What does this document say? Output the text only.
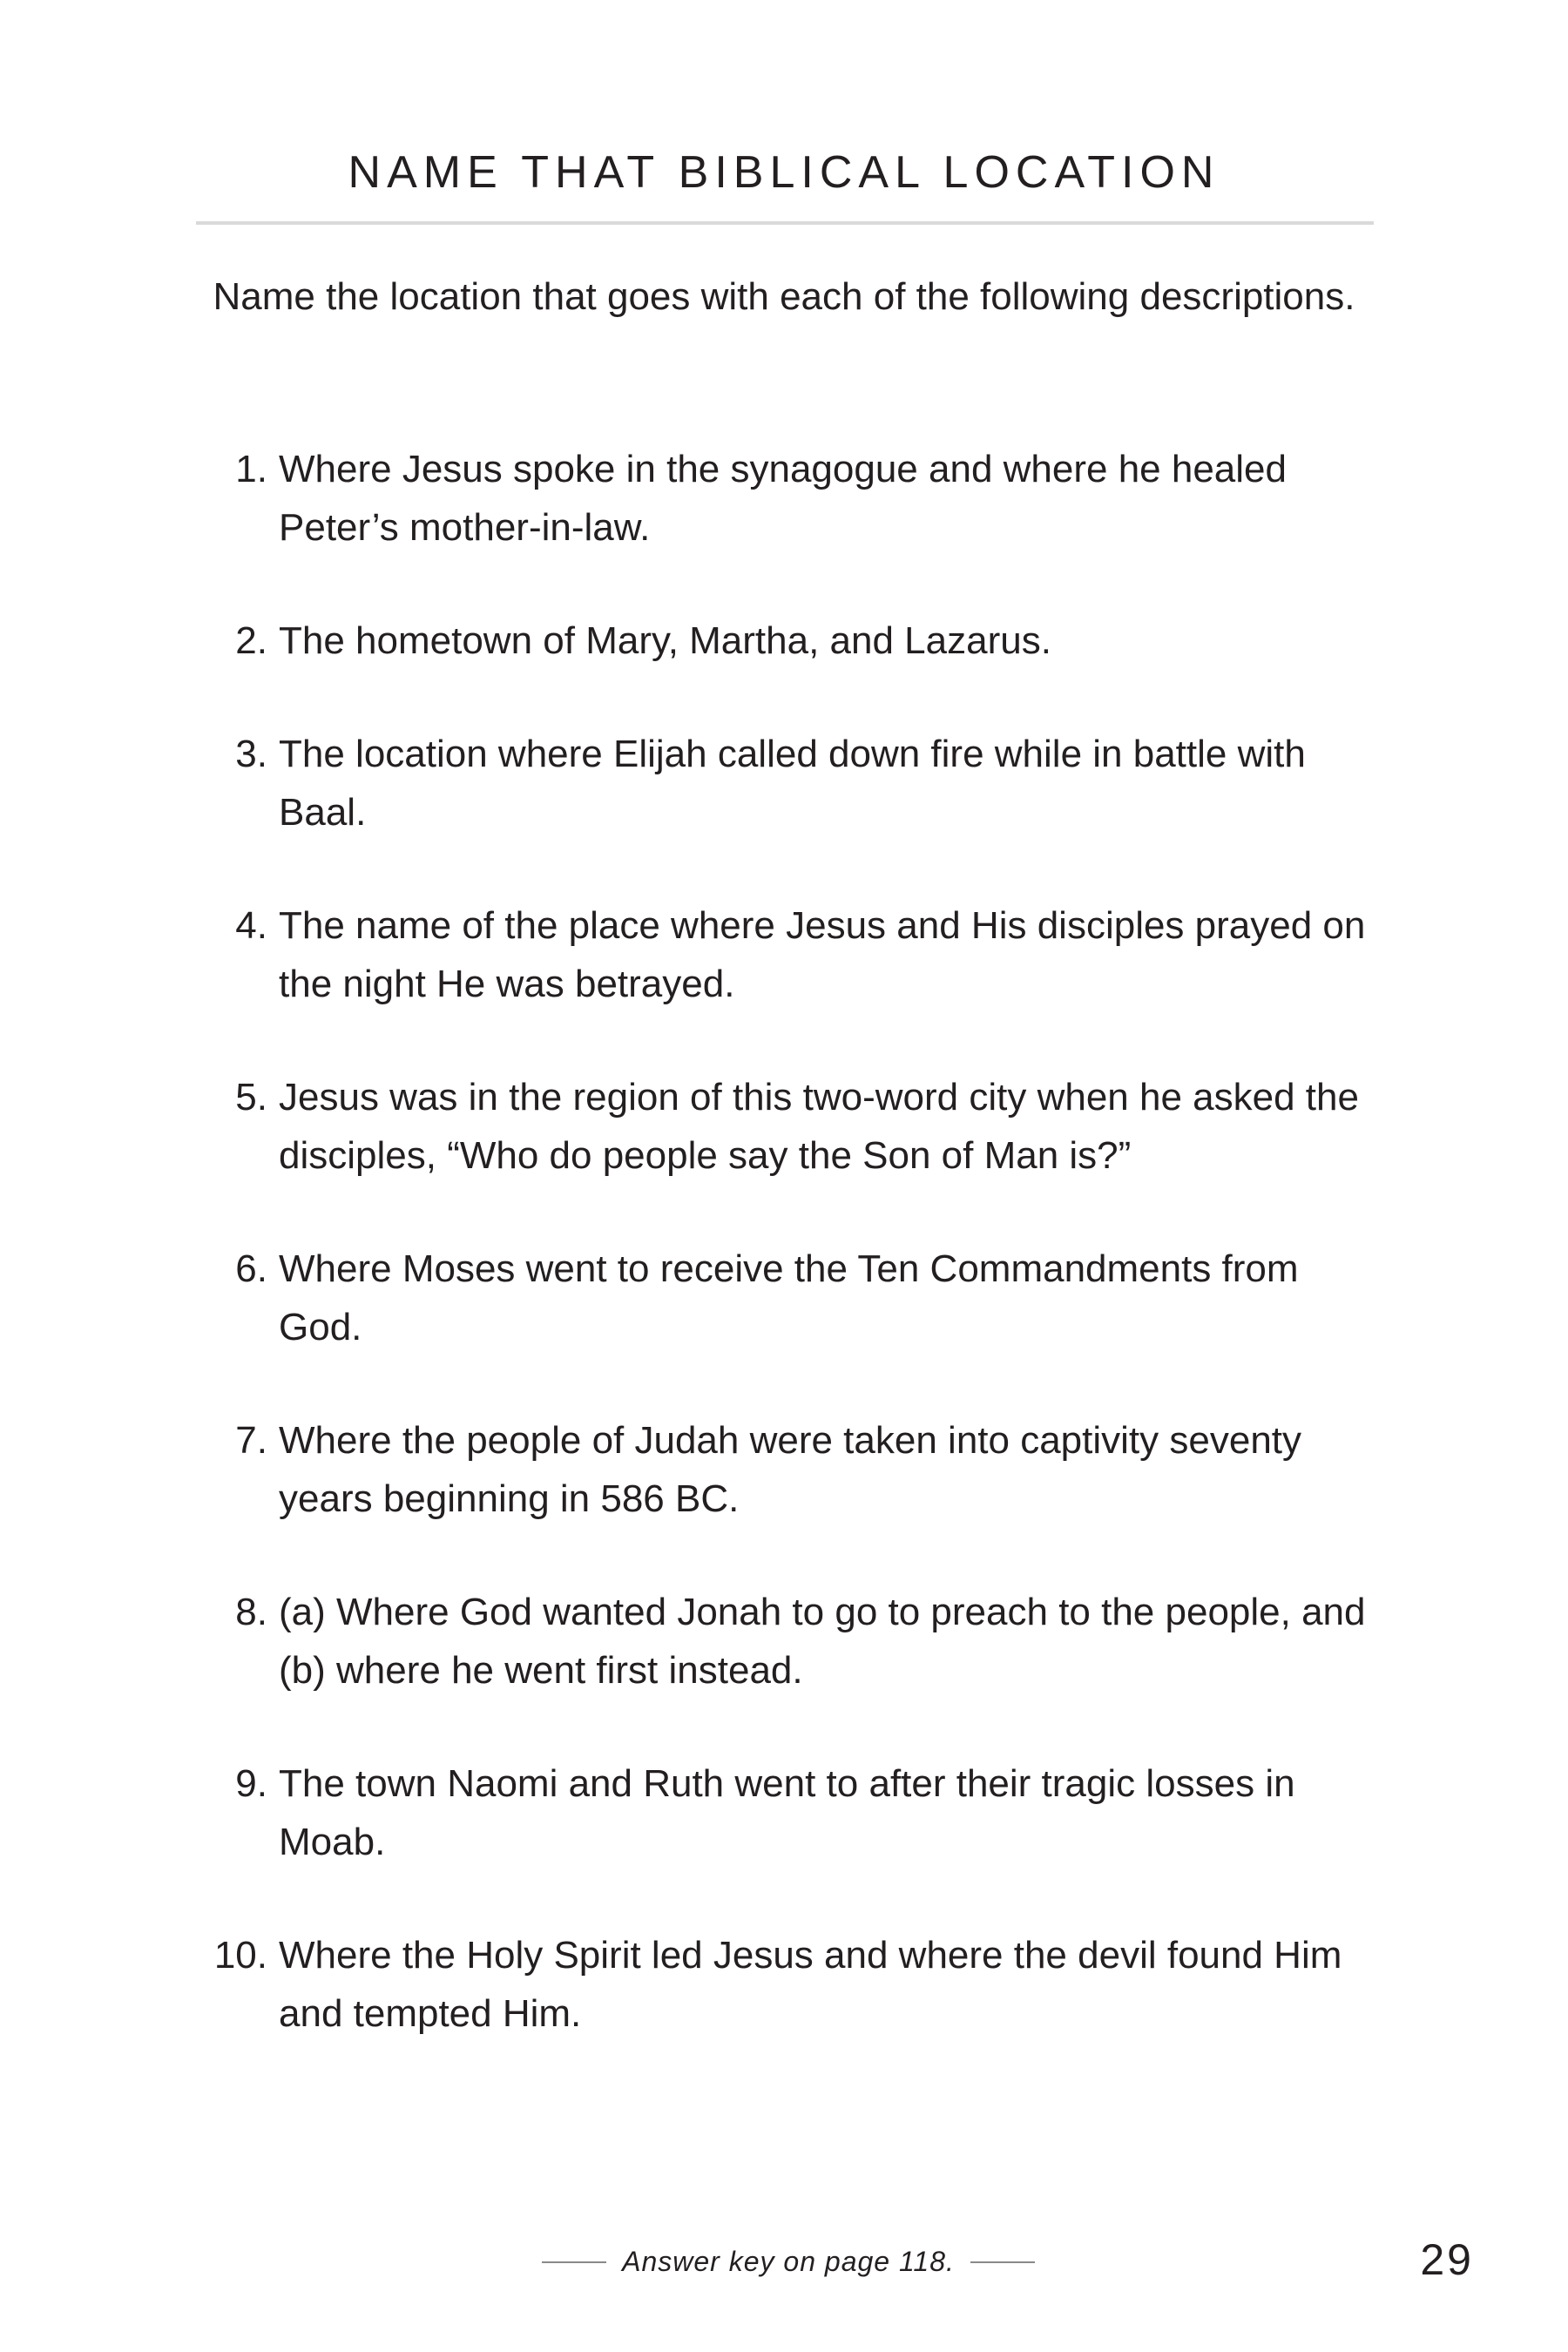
NAME THAT BIBLICAL LOCATION
Name the location that goes with each of the following descriptions.
1. Where Jesus spoke in the synagogue and where he healed Peter’s mother-in-law.
2. The hometown of Mary, Martha, and Lazarus.
3. The location where Elijah called down fire while in battle with Baal.
4. The name of the place where Jesus and His disciples prayed on the night He was betrayed.
5. Jesus was in the region of this two-word city when he asked the disciples, “Who do people say the Son of Man is?”
6. Where Moses went to receive the Ten Commandments from God.
7. Where the people of Judah were taken into captivity seventy years beginning in 586 BC.
8. (a) Where God wanted Jonah to go to preach to the people, and (b) where he went first instead.
9. The town Naomi and Ruth went to after their tragic losses in Moab.
10. Where the Holy Spirit led Jesus and where the devil found Him and tempted Him.
Answer key on page 118.	29
